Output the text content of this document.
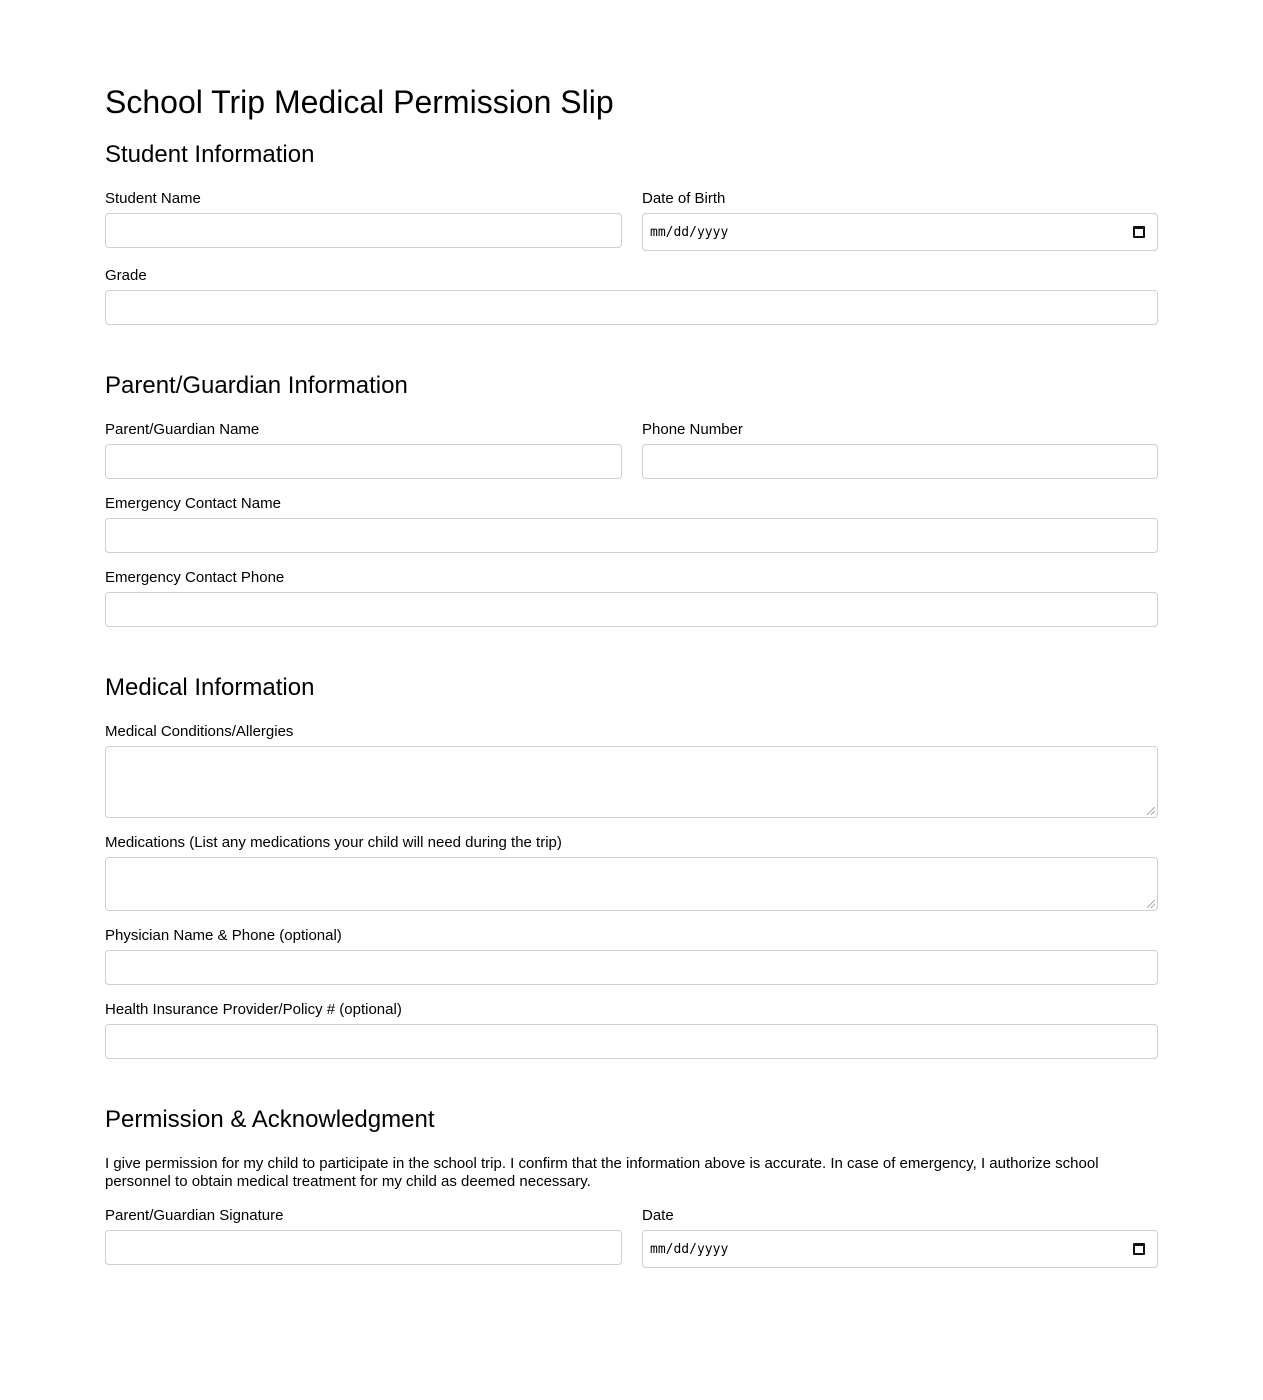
School Trip Medical Permission Slip
Student Information
Student Name	Date of Birth
mm/dd/yyyy
Grade
Parent/Guardian Information
Parent/Guardian Name	Phone Number
Emergency Contact Name
Emergency Contact Phone
Medical Information
Medical Conditions/Allergies
Medications (List any medications your child will need during the trip)
Physician Name & Phone (optional)
Health Insurance Provider/Policy # (optional)
Permission & Acknowledgment
I give permission for my child to participate in the school trip. I confirm that the information above is accurate. In case of emergency, I authorize school personnel to obtain medical treatment for my child as deemed necessary.
Parent/Guardian Signature	Date
mm/dd/yyyy
